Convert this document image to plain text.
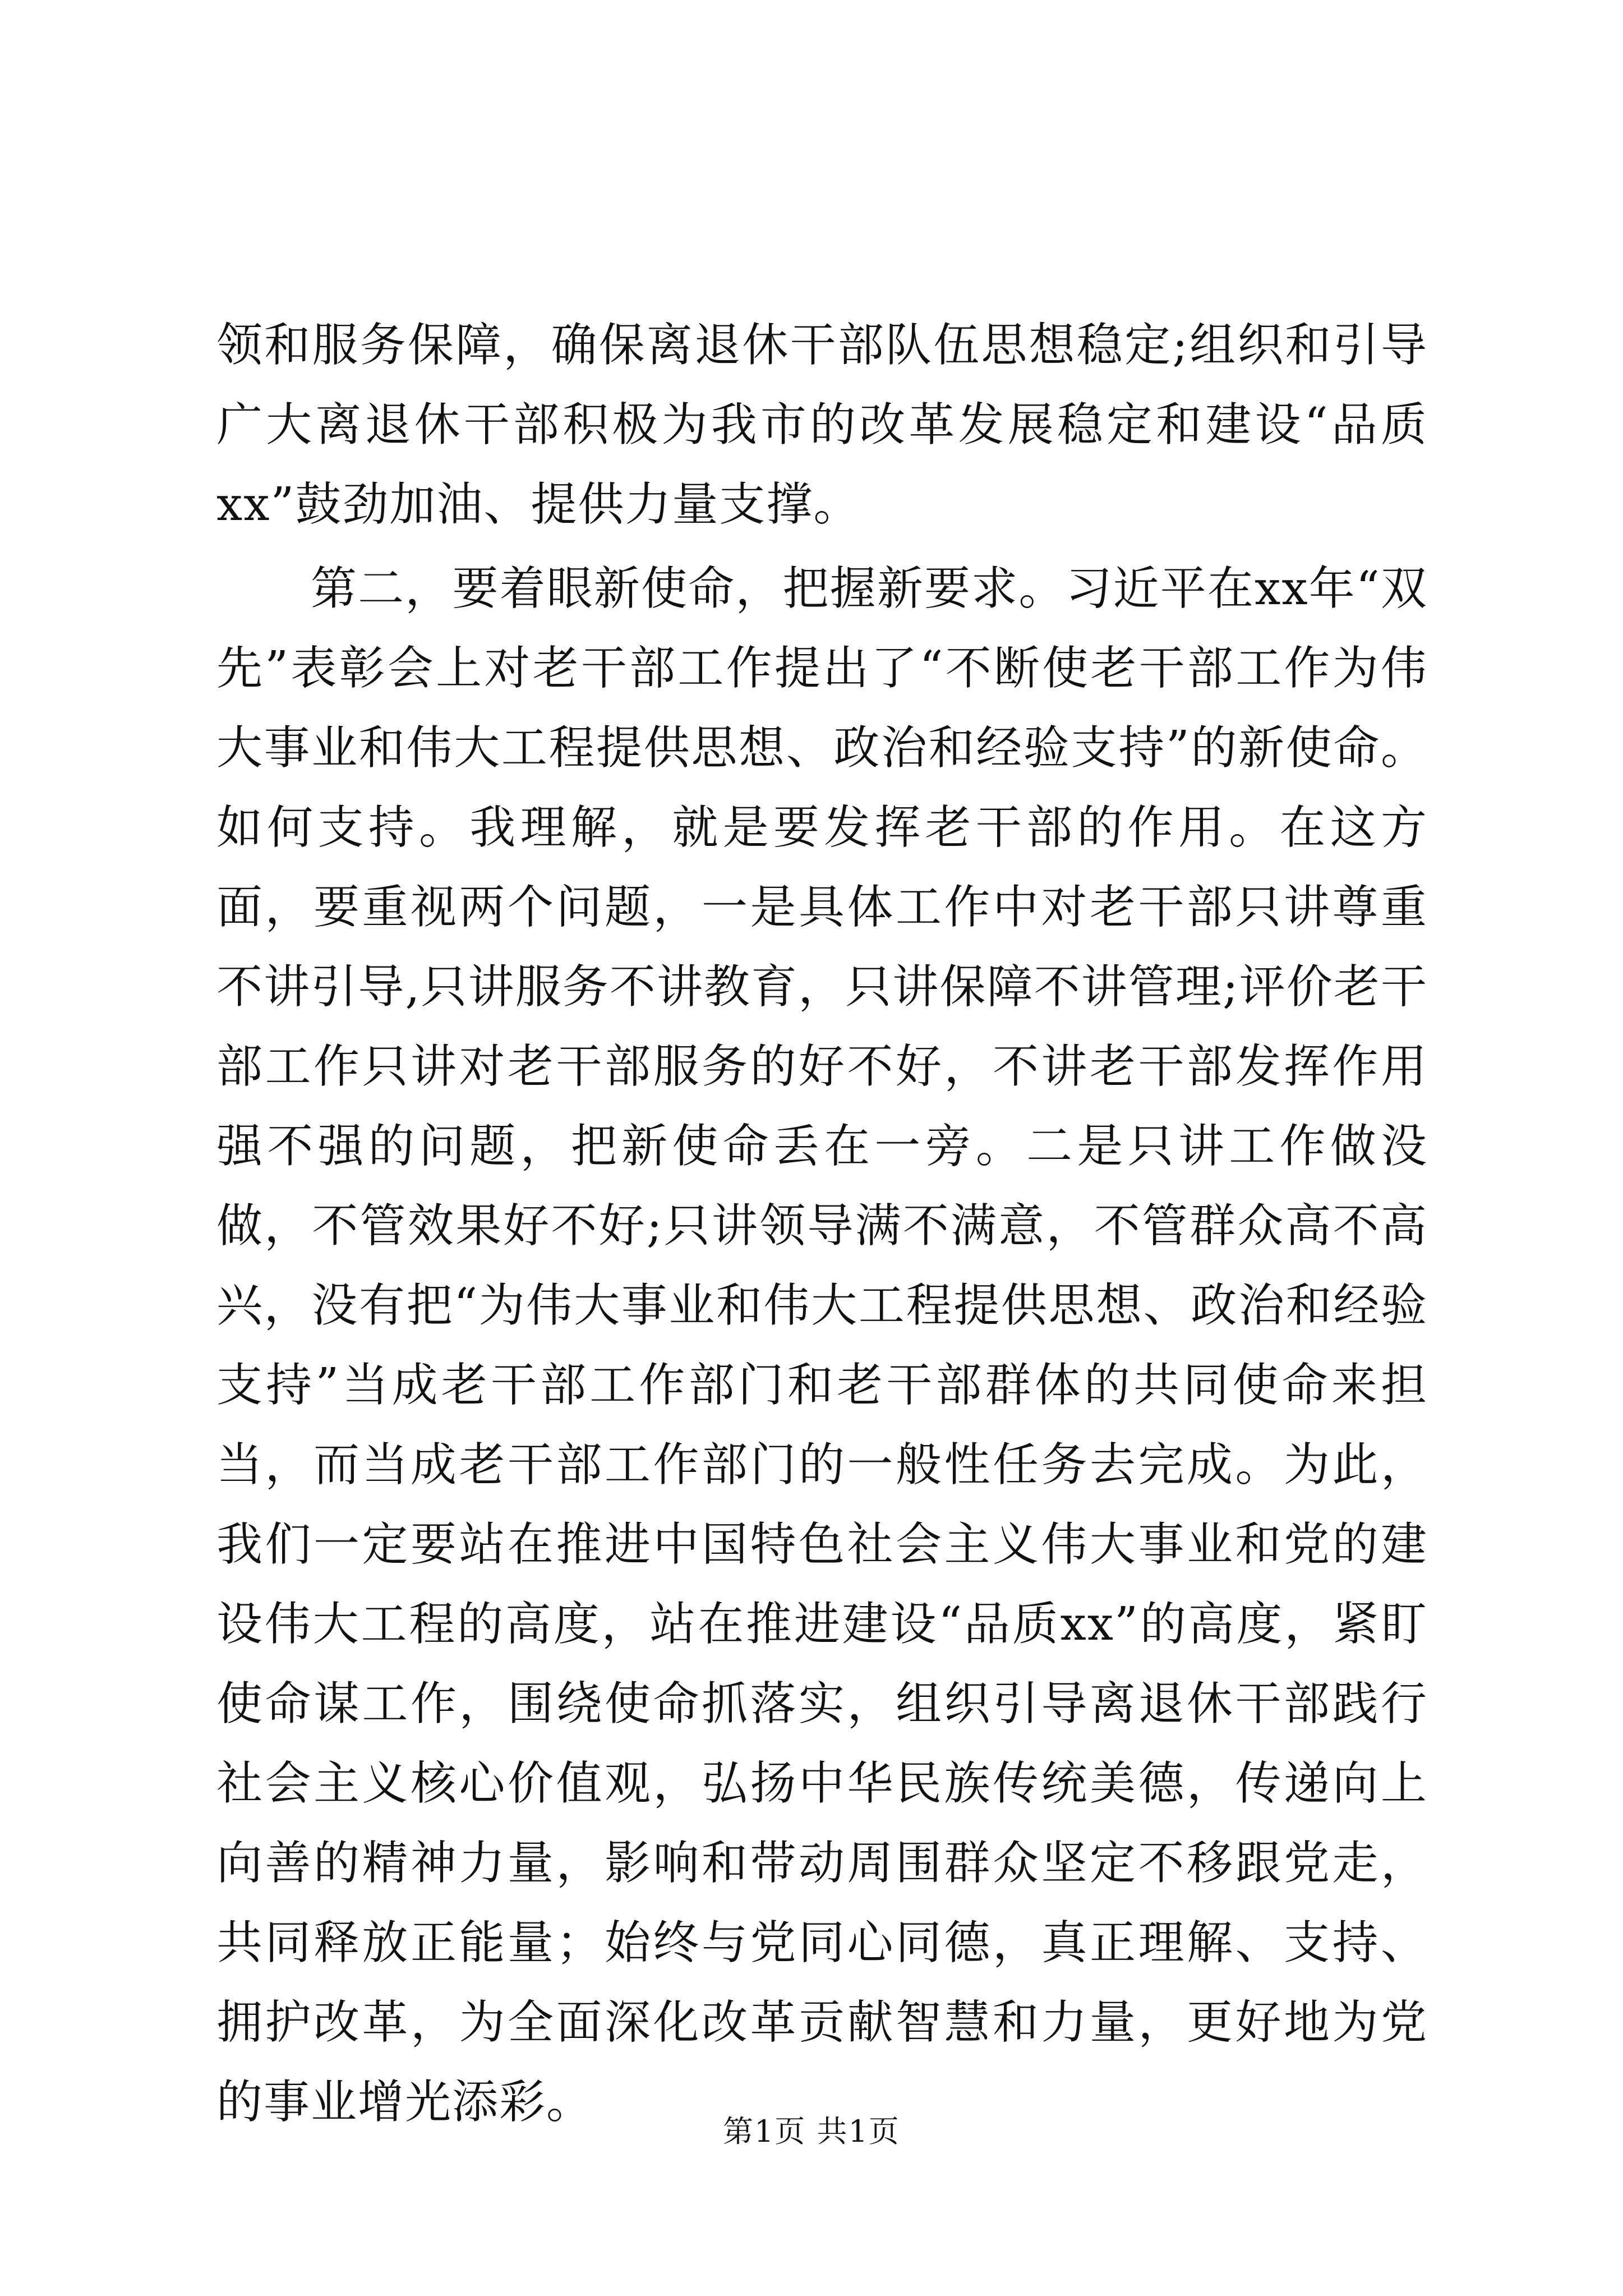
领和服务保障，确保离退休干部队伍思想稳定;组织和引导广大离退休干部积极为我市的改革发展稳定和建设“品质xx”鼓劲加油、提供力量支撑。

第二，要着眼新使命，把握新要求。习近平在xx年“双先”表彰会上对老干部工作提出了“不断使老干部工作为伟大事业和伟大工程提供思想、政治和经验支持”的新使命。如何支持。我理解，就是要发挥老干部的作用。在这方面，要重视两个问题，一是具体工作中对老干部只讲尊重不讲引导,只讲服务不讲教育，只讲保障不讲管理;评价老干部工作只讲对老干部服务的好不好，不讲老干部发挥作用强不强的问题，把新使命丢在一旁。二是只讲工作做没做，不管效果好不好;只讲领导满不满意，不管群众高不高兴，没有把“为伟大事业和伟大工程提供思想、政治和经验支持”当成老干部工作部门和老干部群体的共同使命来担当，而当成老干部工作部门的一般性任务去完成。为此，我们一定要站在推进中国特色社会主义伟大事业和党的建设伟大工程的高度，站在推进建设“品质xx”的高度，紧盯使命谋工作，围绕使命抓落实，组织引导离退休干部践行社会主义核心价值观，弘扬中华民族传统美德，传递向上向善的精神力量，影响和带动周围群众坚定不移跟党走，共同释放正能量；始终与党同心同德，真正理解、支持、拥护改革，为全面深化改革贡献智慧和力量，更好地为党的事业增光添彩。

第1页 共1页
